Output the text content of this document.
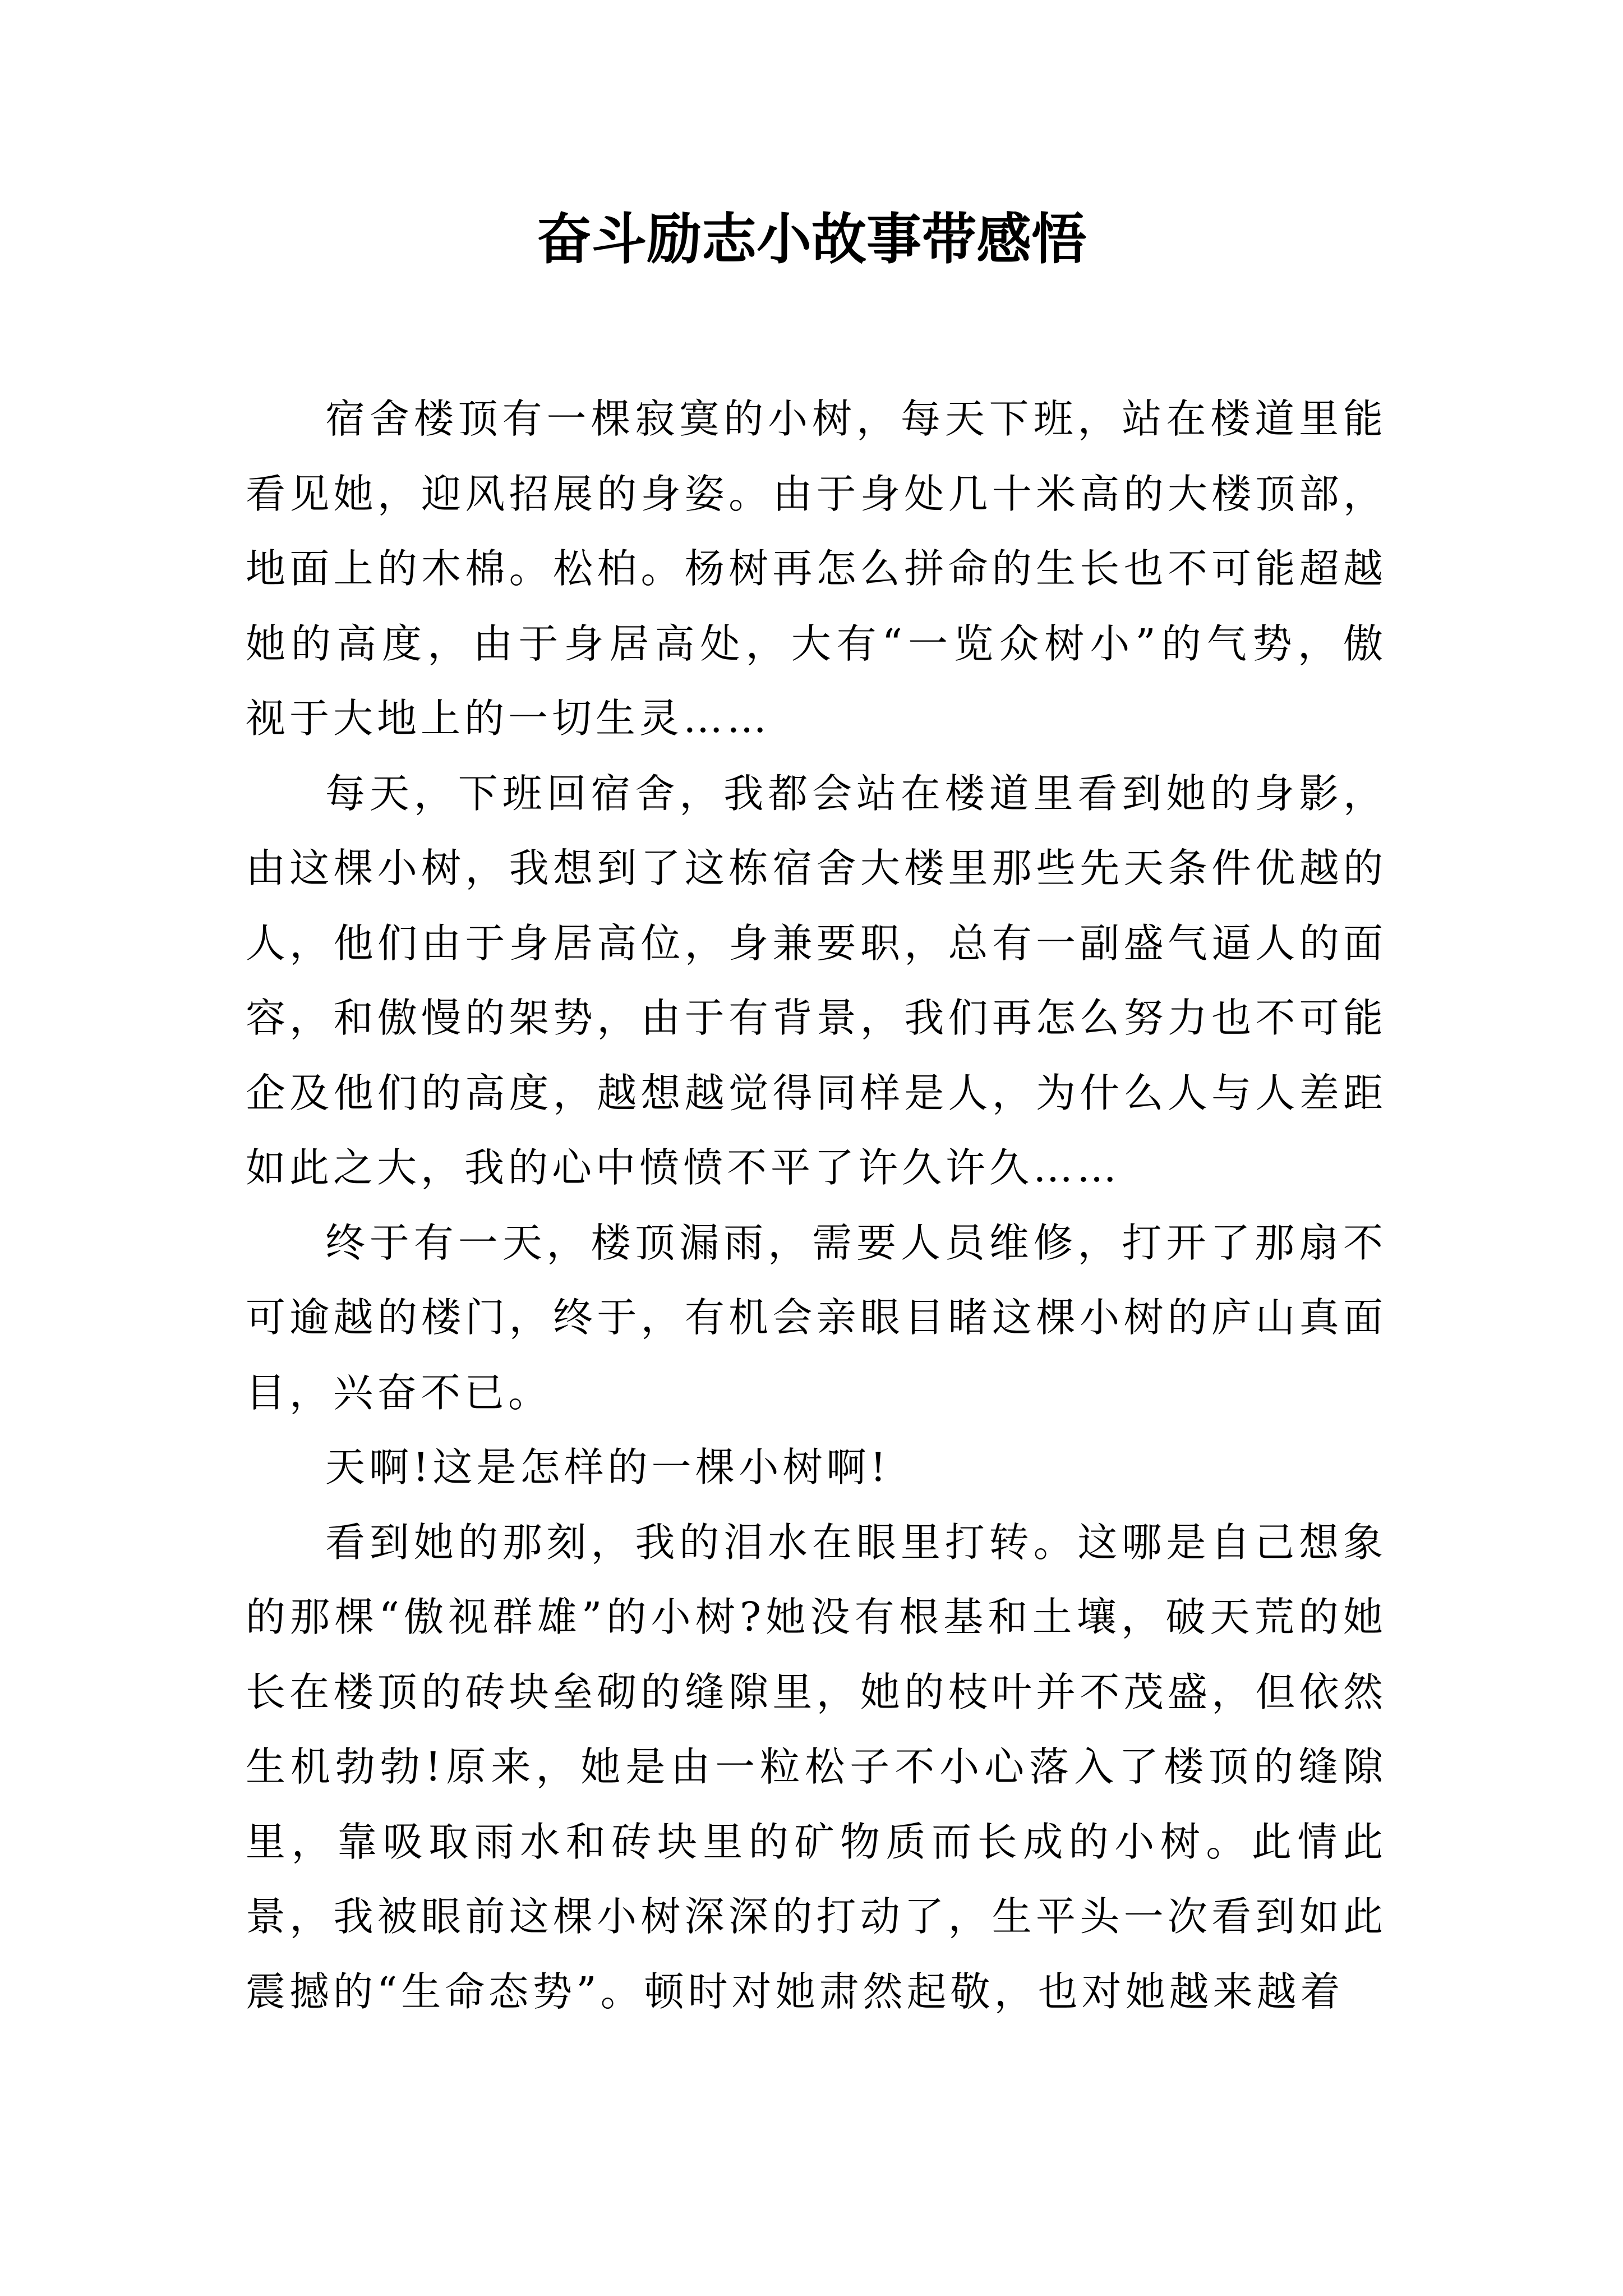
奋斗励志小故事带感悟

宿舍楼顶有一棵寂寞的小树，每天下班，站在楼道里能看见她，迎风招展的身姿。由于身处几十米高的大楼顶部，地面上的木棉。松柏。杨树再怎么拼命的生长也不可能超越她的高度，由于身居高处，大有“一览众树小”的气势，傲视于大地上的一切生灵……

每天，下班回宿舍，我都会站在楼道里看到她的身影，由这棵小树，我想到了这栋宿舍大楼里那些先天条件优越的人，他们由于身居高位，身兼要职，总有一副盛气逼人的面容，和傲慢的架势，由于有背景，我们再怎么努力也不可能企及他们的高度，越想越觉得同样是人，为什么人与人差距如此之大，我的心中愤愤不平了许久许久……

终于有一天，楼顶漏雨，需要人员维修，打开了那扇不可逾越的楼门，终于，有机会亲眼目睹这棵小树的庐山真面目，兴奋不已。

天啊!这是怎样的一棵小树啊!

看到她的那刻，我的泪水在眼里打转。这哪是自己想象的那棵“傲视群雄”的小树?她没有根基和土壤，破天荒的她长在楼顶的砖块垒砌的缝隙里，她的枝叶并不茂盛，但依然生机勃勃!原来，她是由一粒松子不小心落入了楼顶的缝隙里，靠吸取雨水和砖块里的矿物质而长成的小树。此情此景，我被眼前这棵小树深深的打动了，生平头一次看到如此震撼的“生命态势”。顿时对她肃然起敬，也对她越来越着
